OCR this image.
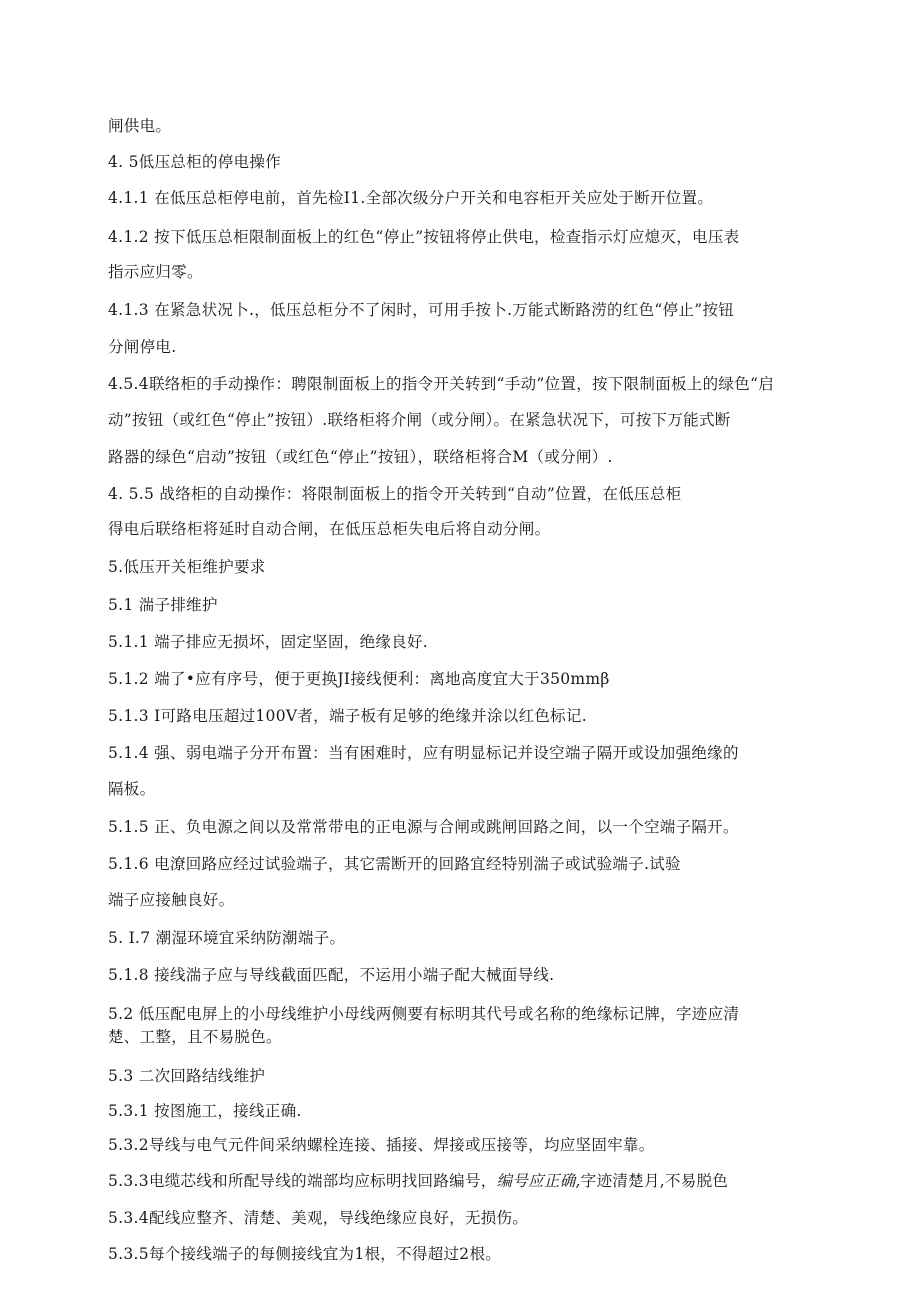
闸供电。
4. 5低压总柜的停电操作
4.1.1 在低压总柜停电前，首先检I1.全部次级分户开关和电容柜开关应处于断开位置。
4.1.2 按下低压总柜限制面板上的红色“停止”按钮将停止供电，检查指示灯应熄灭，电压表
指示应归零。
4.1.3 在紧急状况卜.，低压总柜分不了闲时，可用手按卜.万能式断路涝的红色“停止”按钮
分闸停电.
4.5.4联络柜的手动操作：聘限制面板上的指令开关转到“手动”位置，按下限制面板上的绿色“启
动”按钮（或红色“停止”按钮）.联络柜将介闸（或分闸）。在紧急状况下，可按下万能式断
路器的绿色“启动”按钮（或红色“停止”按钮），联络柜将合M（或分闸）.
4. 5.5 战络柜的自动操作：将限制面板上的指令开关转到“自动”位置，在低压总柜
得电后联络柜将延时自动合闸，在低压总柜失电后将自动分闸。
5.低压开关柜维护要求
5.1 湍子排维护
5.1.1 端子排应无损坏，固定坚固，绝缘良好.
5.1.2 端了•应有序号，便于更换JI接线便利：离地高度宜大于350mmβ
5.1.3 I可路电压超过100V者，端子板有足够的绝缘并涂以红色标记.
5.1.4 强、弱电端子分开布置：当有困难时，应有明显标记并设空端子隔开或设加强绝缘的
隔板。
5.1.5 正、负电源之间以及常常带电的正电源与合闸或跳闸回路之间，以一个空端子隔开。
5.1.6 电潦回路应经过试验端子，其它需断开的回路宜经特别湍子或试验端子.试验
端子应接触良好。
5. I.7 潮湿环境宜采纳防潮端子。
5.1.8 接线湍子应与导线截面匹配，不运用小端子配大械面导线.
5.2 低压配电屏上的小母线维护小母线两侧要有标明其代号或名称的绝缘标记牌，字迹应清
楚、工整，且不易脱色。
5.3 二次回路结线维护
5.3.1 按图施工，接线正确.
5.3.2导线与电气元件间采纳螺栓连接、插接、焊接或压接等，均应坚固牢靠。
5.3.3电缆芯线和所配导线的端部均应标明找回路编号，编号应正确,字迹清楚月,不易脱色
5.3.4配线应整齐、清楚、美观，导线绝缘应良好，无损伤。
5.3.5每个接线端子的每侧接线宜为1根，不得超过2根。
